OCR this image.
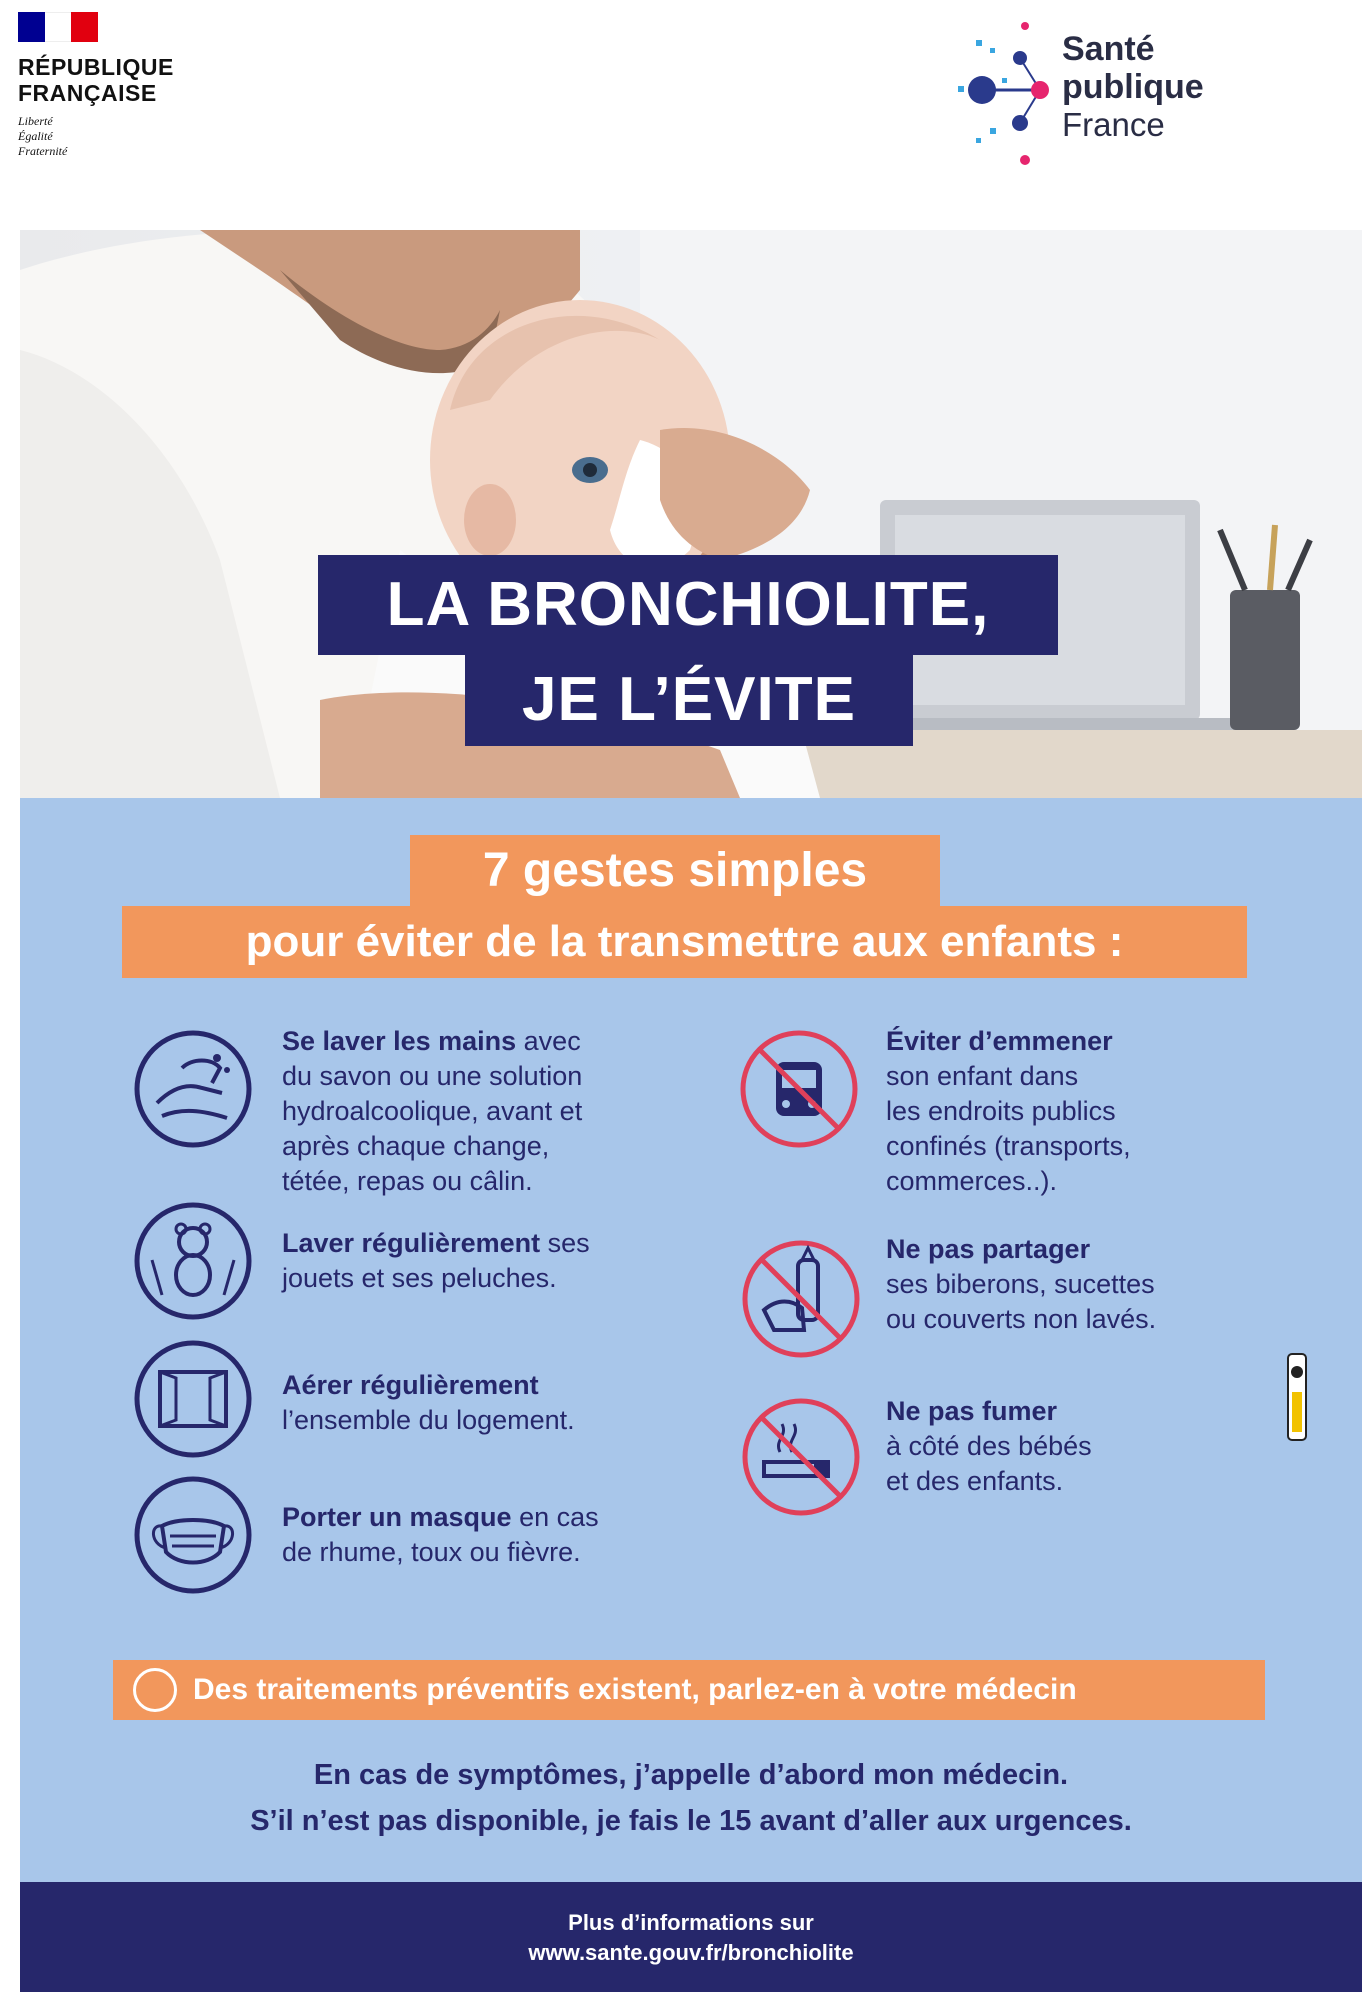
RÉPUBLIQUE
FRANÇAISE
Liberté
Égalité
Fraternité
Santé
publique
France
LA BRONCHIOLITE,
JE L’ÉVITE
7 gestes simples
pour éviter de la transmettre aux enfants :
Se laver les mains avec
du savon ou une solution
hydroalcoolique, avant et
après chaque change,
tétée, repas ou câlin.
Laver régulièrement ses
jouets et ses peluches.
Aérer régulièrement
l’ensemble du logement.
Porter un masque en cas
de rhume, toux ou fièvre.
Éviter d’emmener
son enfant dans
les endroits publics
confinés (transports,
commerces..).
Ne pas partager
ses biberons, sucettes
ou couverts non lavés.
Ne pas fumer
à côté des bébés
et des enfants.
Des traitements préventifs existent, parlez-en à votre médecin
En cas de symptômes, j’appelle d’abord mon médecin.
S’il n’est pas disponible, je fais le 15 avant d’aller aux urgences.
Plus d’informations sur
www.sante.gouv.fr/bronchiolite
